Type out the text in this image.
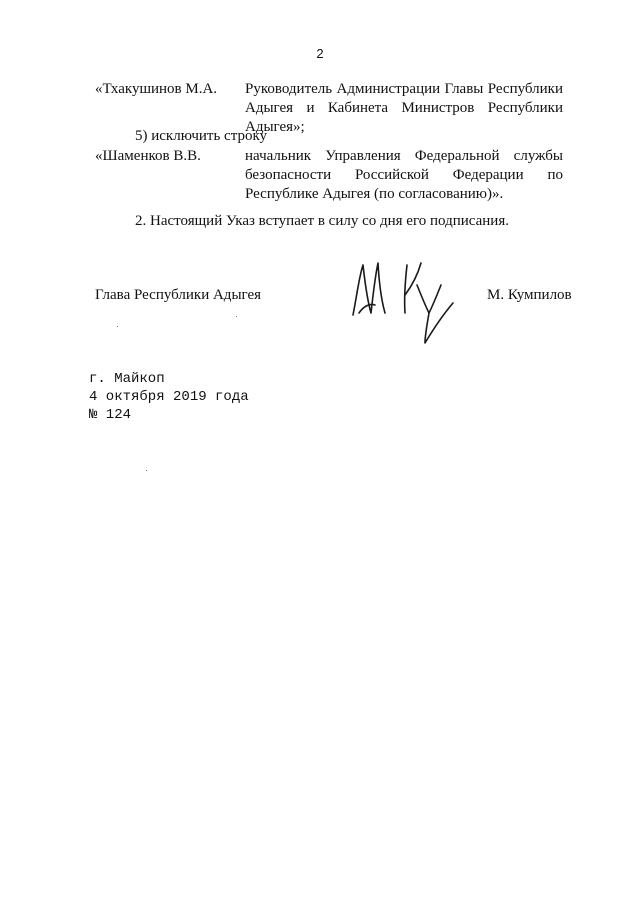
2
«Тхакушинов М.А. Руководитель Администрации Главы Республики
Адыгея и Кабинета Министров Республики
Адыгея»;
5) исключить строку
«Шаменков В.В.	начальник Управления Федеральной службы
безопасности Российской Федерации по
Республике Адыгея (по согласованию)».
2. Настоящий Указ вступает в силу со дня его подписания.
Глава Республики Адыгея	М. Кумпилов
г. Майкоп
4 октября 2019 года
№ 124
